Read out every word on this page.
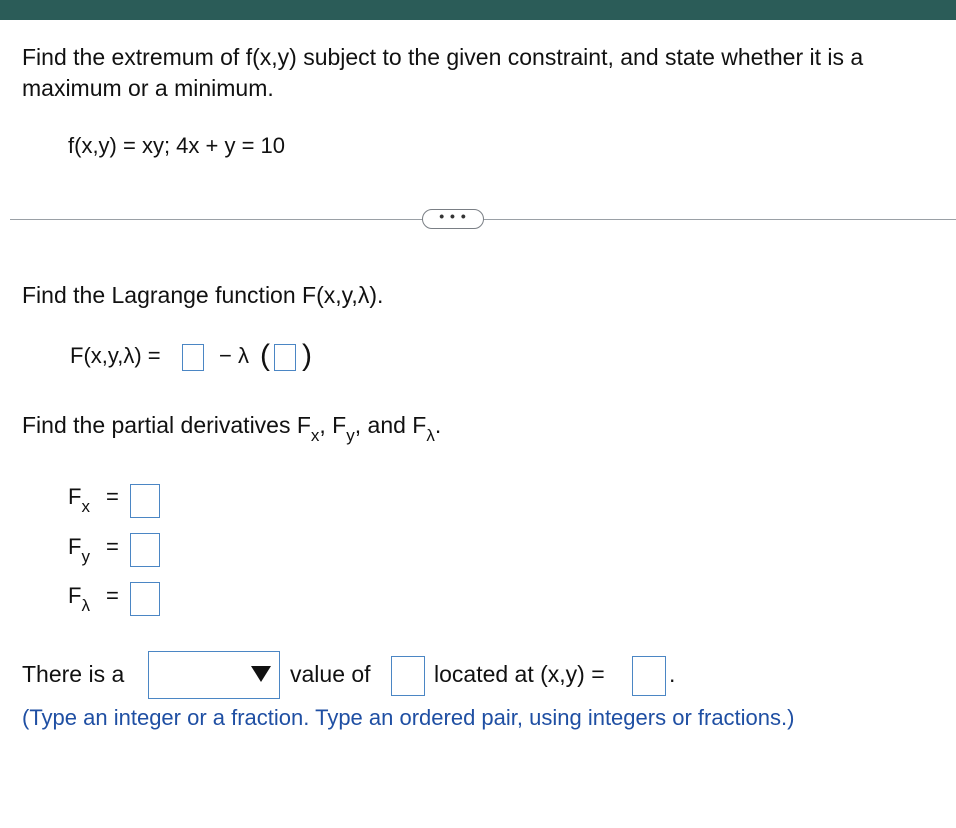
Find the extremum of f(x,y) subject to the given constraint, and state whether it is a maximum or a minimum.
f(x,y) = xy; 4x + y = 10
• • •
Find the Lagrange function F(x,y,λ).
F(x,y,λ) =	− λ ( )
Find the partial derivatives $F_x$, $F_y$, and $F_\lambda$.
$F_x$ =
$F_y$ =
$F_\lambda$ =
There is a	value of	located at (x,y) =	.
(Type an integer or a fraction. Type an ordered pair, using integers or fractions.)
